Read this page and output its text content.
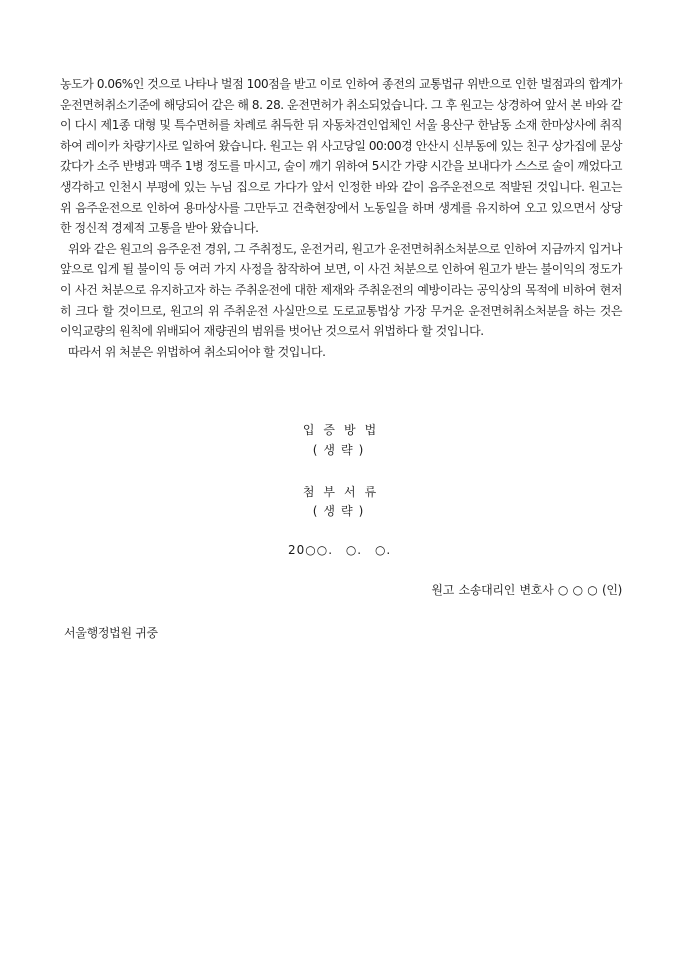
농도가 0.06%인 것으로 나타나 벌점 100점을 받고 이로 인하여 종전의 교통법규 위반으로 인한 벌점과의 합계가 운전면허취소기준에 해당되어 같은 해 8. 28. 운전면허가 취소되었습니다. 그 후 원고는 상경하여 앞서 본 바와 같이 다시 제1종 대형 및 특수면허를 차례로 취득한 뒤 자동차견인업체인 서울 용산구 한남동 소재 한마상사에 취직하여 레이카 차량기사로 일하여 왔습니다. 원고는 위 사고당일 00:00경 안산시 신부동에 있는 친구 상가집에 문상 갔다가 소주 반병과 맥주 1병 정도를 마시고, 술이 깨기 위하여 5시간 가량 시간을 보내다가 스스로 술이 깨었다고 생각하고 인천시 부평에 있는 누님 집으로 가다가 앞서 인정한 바와 같이 음주운전으로 적발된 것입니다. 원고는 위 음주운전으로 인하여 용마상사를 그만두고 건축현장에서 노동일을 하며 생계를 유지하여 오고 있으면서 상당한 정신적 경제적 고통을 받아 왔습니다.

위와 같은 원고의 음주운전 경위, 그 주취정도, 운전거리, 원고가 운전면허취소처분으로 인하여 지금까지 입거나 앞으로 입게 될 불이익 등 여러 가지 사정을 참작하여 보면, 이 사건 처분으로 인하여 원고가 받는 불이익의 정도가 이 사건 처분으로 유지하고자 하는 주취운전에 대한 제재와 주취운전의 예방이라는 공익상의 목적에 비하여 현저히 크다 할 것이므로, 원고의 위 주취운전 사실만으로 도로교통법상 가장 무거운 운전면허취소처분을 하는 것은 이익교량의 원칙에 위배되어 재량권의 범위를 벗어난 것으로서 위법하다 할 것입니다.

따라서 위 처분은 위법하여 취소되어야 할 것입니다.

입증방법
(생략)
첨부서류
(생략)
20○○. ○. ○.
원고 소송대리인 변호사 ○ ○ ○ (인)
서울행정법원 귀중
